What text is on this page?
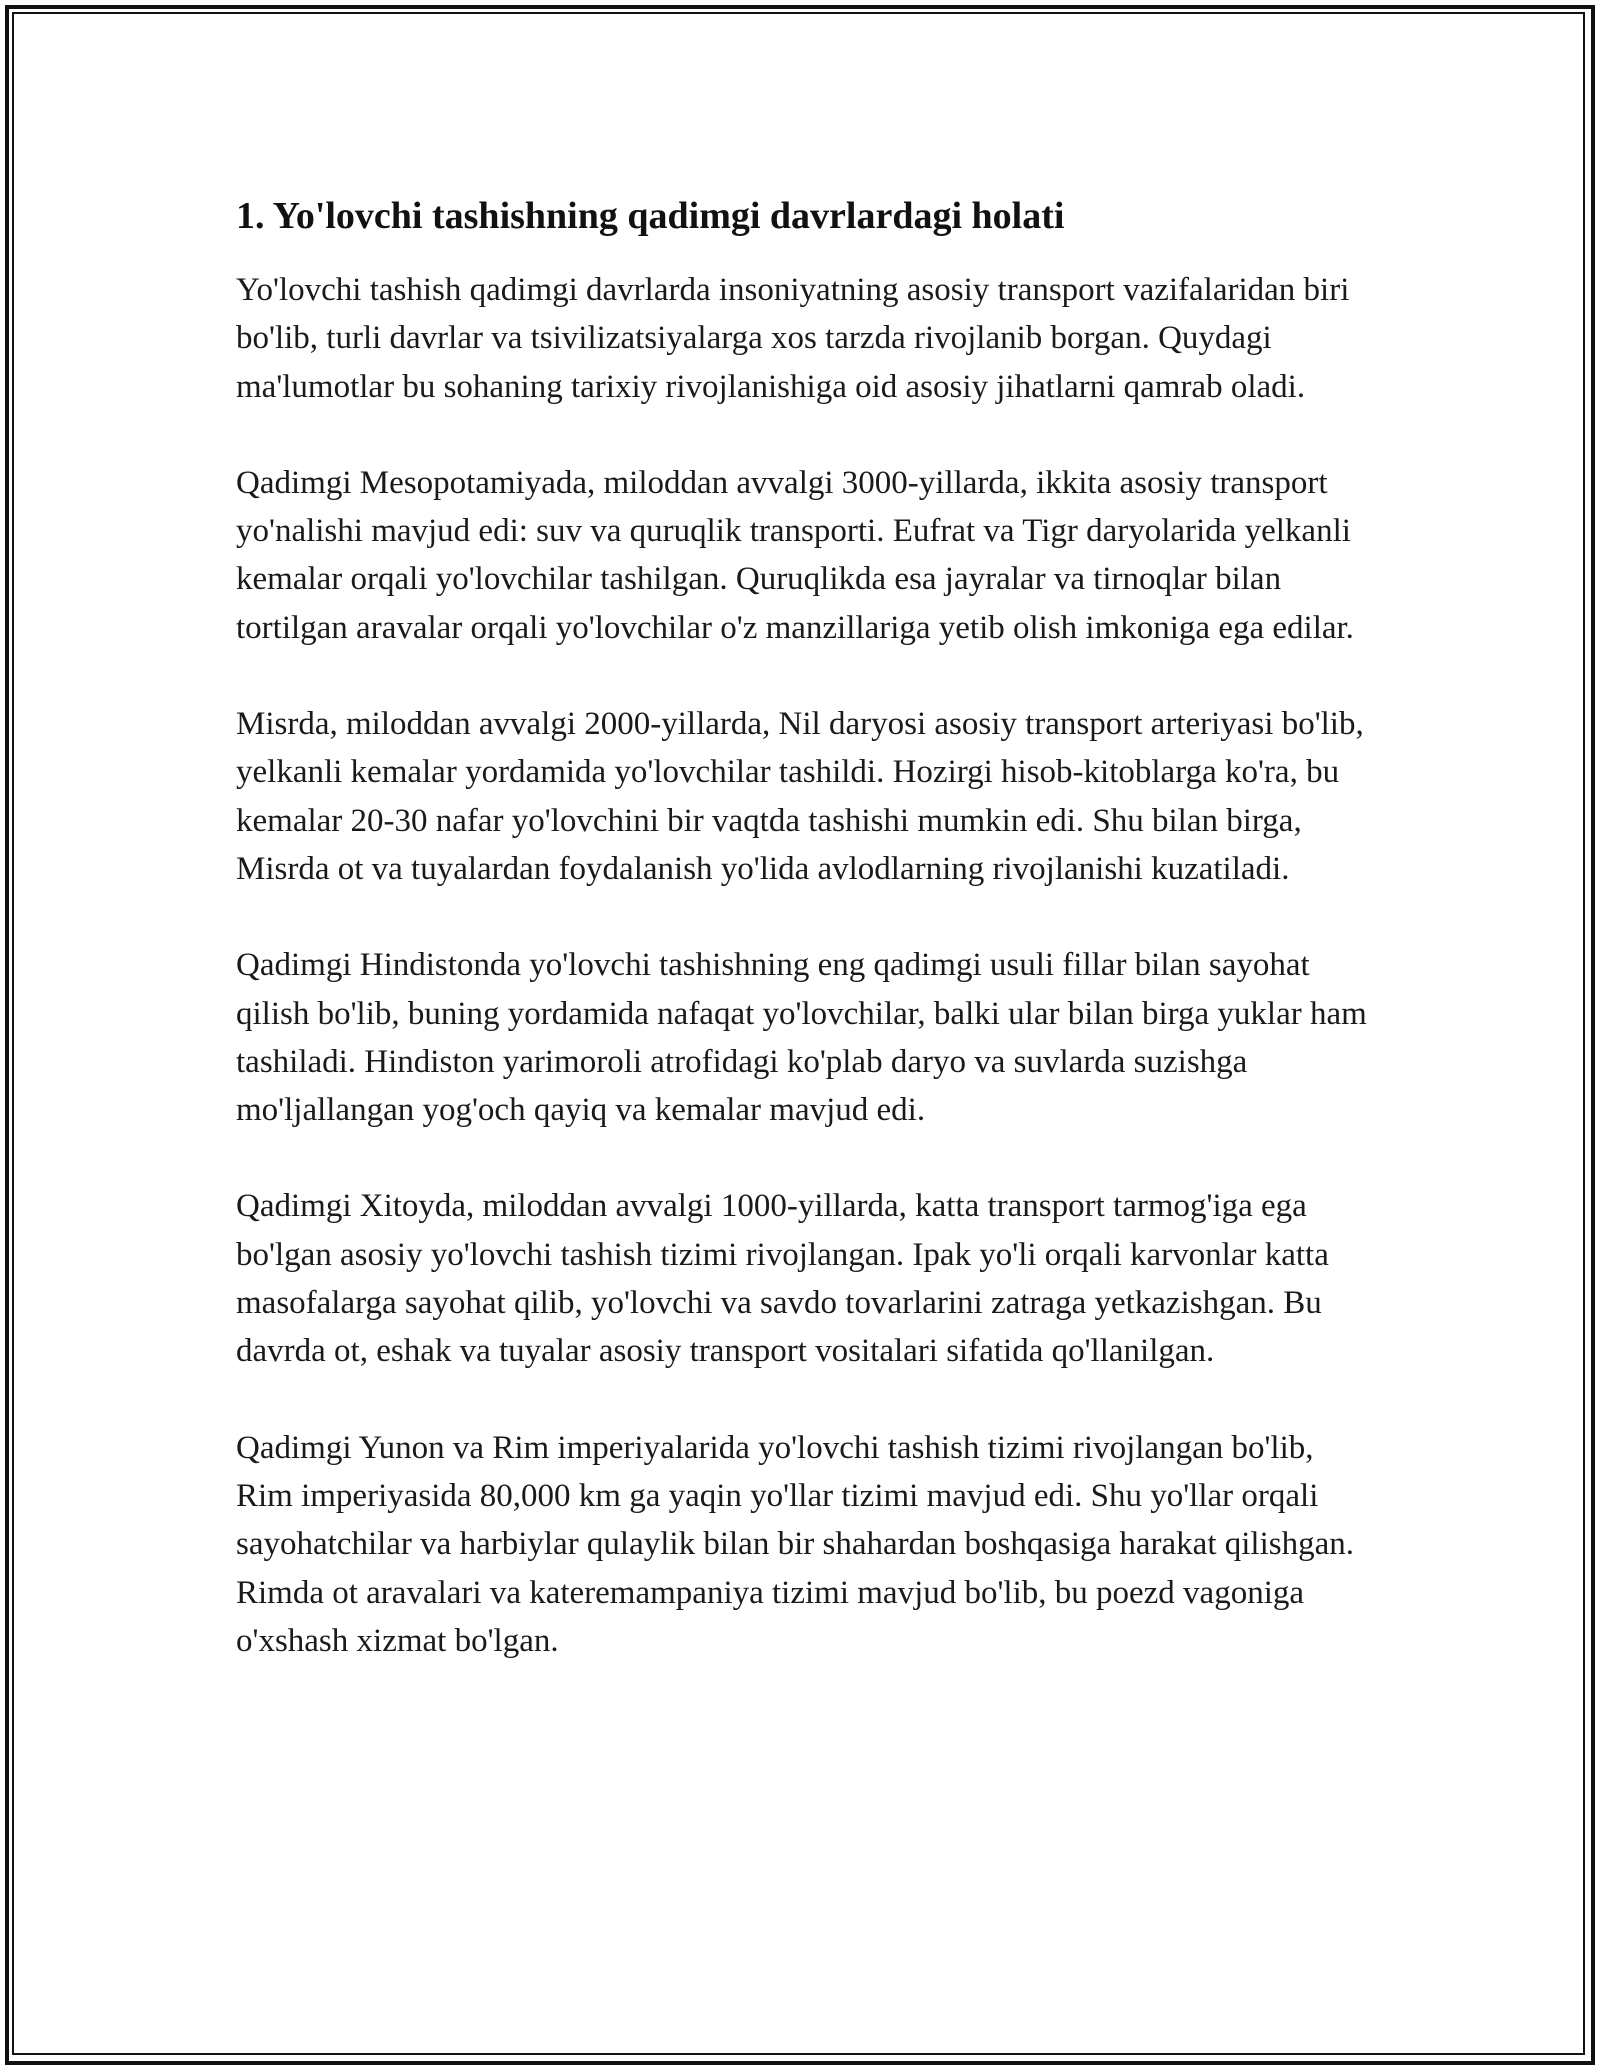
1. Yo'lovchi tashishning qadimgi davrlardagi holati

Yo'lovchi tashish qadimgi davrlarda insoniyatning asosiy transport vazifalaridan biri bo'lib, turli davrlar va tsivilizatsiyalarga xos tarzda rivojlanib borgan. Quydagi ma'lumotlar bu sohaning tarixiy rivojlanishiga oid asosiy jihatlarni qamrab oladi.

Qadimgi Mesopotamiyada, miloddan avvalgi 3000-yillarda, ikkita asosiy transport yo'nalishi mavjud edi: suv va quruqlik transporti. Eufrat va Tigr daryolarida yelkanli kemalar orqali yo'lovchilar tashilgan. Quruqlikda esa jayralar va tirnoqlar bilan tortilgan aravalar orqali yo'lovchilar o'z manzillariga yetib olish imkoniga ega edilar.

Misrda, miloddan avvalgi 2000-yillarda, Nil daryosi asosiy transport arteriyasi bo'lib, yelkanli kemalar yordamida yo'lovchilar tashildi. Hozirgi hisob-kitoblarga ko'ra, bu kemalar 20-30 nafar yo'lovchini bir vaqtda tashishi mumkin edi. Shu bilan birga, Misrda ot va tuyalardan foydalanish yo'lida avlodlarning rivojlanishi kuzatiladi.

Qadimgi Hindistonda yo'lovchi tashishning eng qadimgi usuli fillar bilan sayohat qilish bo'lib, buning yordamida nafaqat yo'lovchilar, balki ular bilan birga yuklar ham tashiladi. Hindiston yarimoroli atrofidagi ko'plab daryo va suvlarda suzishga mo'ljallangan yog'och qayiq va kemalar mavjud edi.

Qadimgi Xitoyda, miloddan avvalgi 1000-yillarda, katta transport tarmog'iga ega bo'lgan asosiy yo'lovchi tashish tizimi rivojlangan. Ipak yo'li orqali karvonlar katta masofalarga sayohat qilib, yo'lovchi va savdo tovarlarini zatraga yetkazishgan. Bu davrda ot, eshak va tuyalar asosiy transport vositalari sifatida qo'llanilgan.

Qadimgi Yunon va Rim imperiyalarida yo'lovchi tashish tizimi rivojlangan bo'lib, Rim imperiyasida 80,000 km ga yaqin yo'llar tizimi mavjud edi. Shu yo'llar orqali sayohatchilar va harbiylar qulaylik bilan bir shahardan boshqasiga harakat qilishgan. Rimda ot aravalari va kateremampaniya tizimi mavjud bo'lib, bu poezd vagoniga o'xshash xizmat bo'lgan.
